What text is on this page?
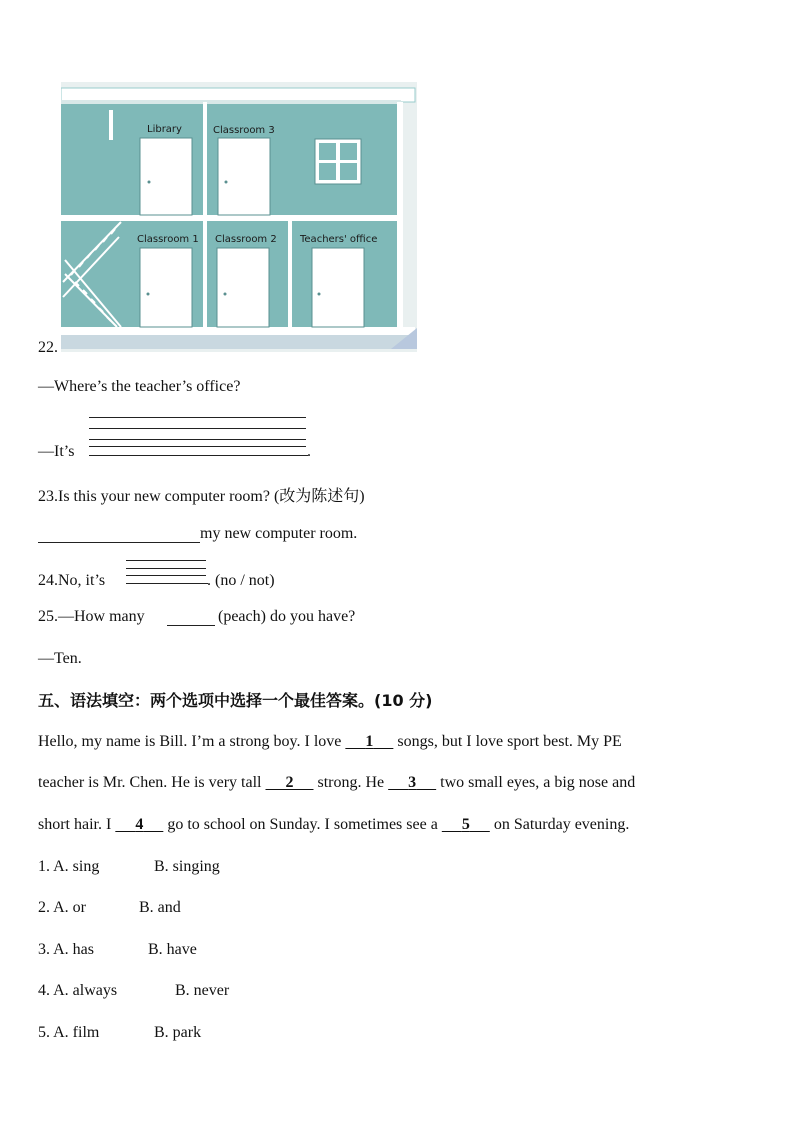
Library	Classroom 3
Classroom 1 Classroom 2 Teachers' office
22.
—Where’s the teacher’s office?
—It’s	.
23.Is this your new computer room? (改为陈述句)
my new computer room.
24.No, it’s	. (no / not)
25.—How many	(peach) do you have?
—Ten.
五、语法填空：两个选项中选择一个最佳答案。(10 分)
Hello, my name is Bill. I’m a strong boy. I love 1 songs, but I love sport best. My PE
teacher is Mr. Chen. He is very tall 2 strong. He 3 two small eyes, a big nose and
short hair. I 4 go to school on Sunday. I sometimes see a 5 on Saturday evening.
1. A. sing	B. singing
2. A. or	B. and
3. A. has	B. have
4. A. always	B. never
5. A. film	B. park
